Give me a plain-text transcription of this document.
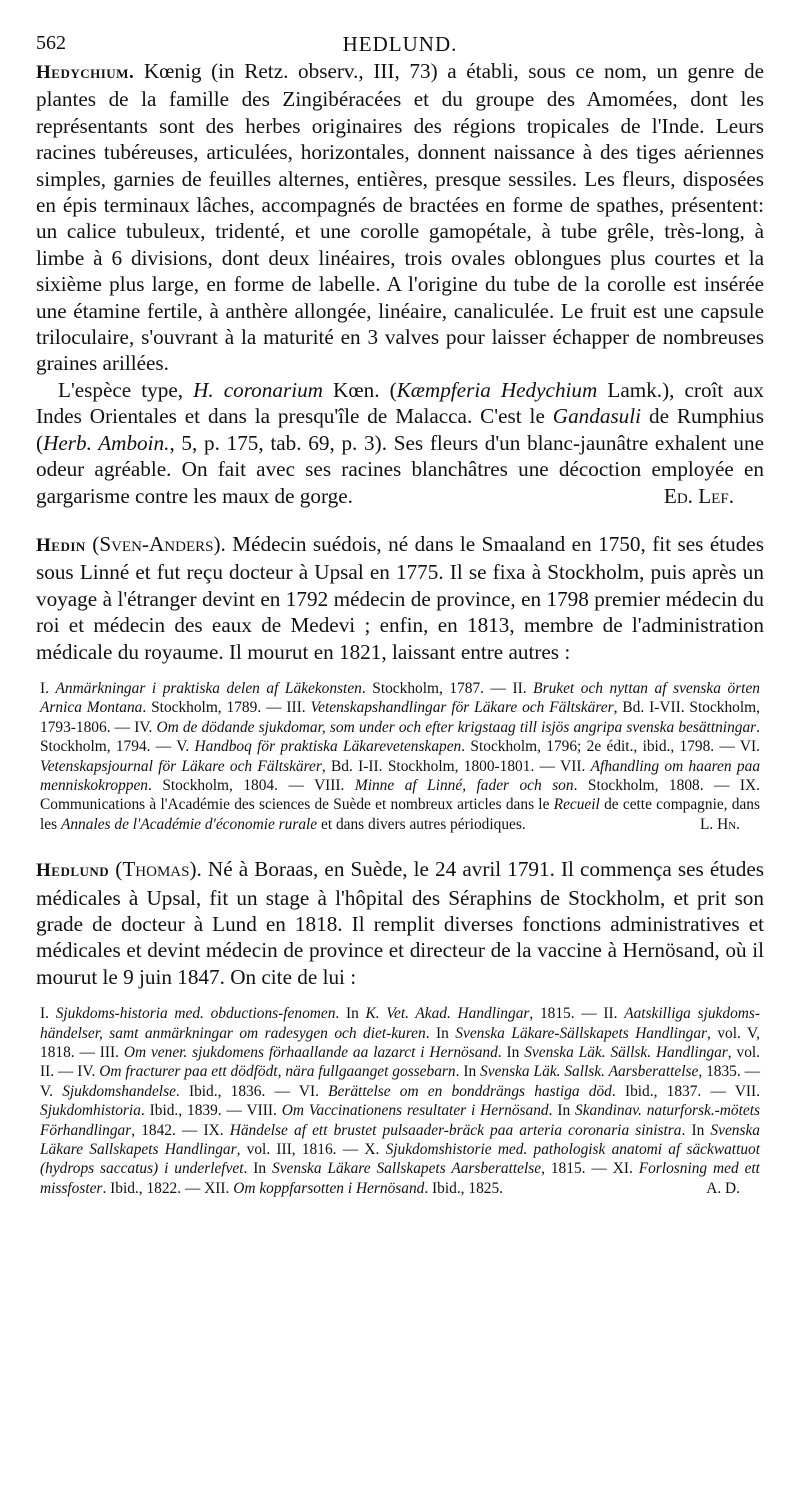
562	HEDLUND.

Hedychium. Kœnig (in Retz. observ., III, 73) a établi, sous ce nom, un genre de plantes de la famille des Zingibéracées et du groupe des Amomées, dont les représentants sont des herbes originaires des régions tropicales de l'Inde. Leurs racines tubéreuses, articulées, horizontales, donnent naissance à des tiges aériennes simples, garnies de feuilles alternes, entières, presque sessiles. Les fleurs, disposées en épis terminaux lâches, accompagnés de bractées en forme de spathes, présentent: un calice tubuleux, tridenté, et une corolle gamopétale, à tube grêle, très-long, à limbe à 6 divisions, dont deux linéaires, trois ovales oblongues plus courtes et la sixième plus large, en forme de labelle. A l'origine du tube de la corolle est insérée une étamine fertile, à anthère allongée, linéaire, canaliculée. Le fruit est une capsule triloculaire, s'ouvrant à la maturité en 3 valves pour laisser échapper de nombreuses graines arillées.

L'espèce type, H. coronarium Kœn. (Kæmpferia Hedychium Lamk.), croît aux Indes Orientales et dans la presqu'île de Malacca. C'est le Gandasuli de Rumphius (Herb. Amboin., 5, p. 175, tab. 69, p. 3). Ses fleurs d'un blanc-jaunâtre exhalent une odeur agréable. On fait avec ses racines blanchâtres une décoction employée en gargarisme contre les maux de gorge.	Ed. Lef.

Hedin (Sven-Anders). Médecin suédois, né dans le Smaaland en 1750, fit ses études sous Linné et fut reçu docteur à Upsal en 1775. Il se fixa à Stockholm, puis après un voyage à l'étranger devint en 1792 médecin de province, en 1798 premier médecin du roi et médecin des eaux de Medevi ; enfin, en 1813, membre de l'administration médicale du royaume. Il mourut en 1821, laissant entre autres :

I. Anmärkningar i praktiska delen af Läkekonsten. Stockholm, 1787. — II. Bruket och nyttan af svenska örten Arnica Montana. Stockholm, 1789. — III. Vetenskapshandlingar för Läkare och Fältskärer, Bd. I-VII. Stockholm, 1793-1806. — IV. Om de dödande sjukdomar, som under och efter krigstaag till isjös angripa svenska besättningar. Stockholm, 1794. — V. Handboq för praktiska Läkarevetenskapen. Stockholm, 1796; 2e édit., ibid., 1798. — VI. Vetenskapsjournal för Läkare och Fältskärer, Bd. I-II. Stockholm, 1800-1801. — VII. Afhandling om haaren paa menniskokroppen. Stockholm, 1804. — VIII. Minne af Linné, fader och son. Stockholm, 1808. — IX. Communications à l'Académie des sciences de Suède et nombreux articles dans le Recueil de cette compagnie, dans les Annales de l'Académie d'économie rurale et dans divers autres périodiques.	L. Hn.

Hedlund (Thomas). Né à Boraas, en Suède, le 24 avril 1791. Il commença ses études médicales à Upsal, fit un stage à l'hôpital des Séraphins de Stockholm, et prit son grade de docteur à Lund en 1818. Il remplit diverses fonctions administratives et médicales et devint médecin de province et directeur de la vaccine à Hernösand, où il mourut le 9 juin 1847. On cite de lui :

I. Sjukdoms-historia med. obductions-fenomen. In K. Vet. Akad. Handlingar, 1815. — II. Aatskilliga sjukdoms-händelser, samt anmärkningar om radesygen och diet-kuren. In Svenska Läkare-Sällskapets Handlingar, vol. V, 1818. — III. Om vener. sjukdomens förhaallande aa lazarct i Hernösand. In Svenska Läk. Sällsk. Handlingar, vol. II. — IV. Om fracturer paa ett dödfödt, nära fullgaanget gossebarn. In Svenska Läk. Sallsk. Aarsberattelse, 1835. — V. Sjukdomshandelse. Ibid., 1836. — VI. Berättelse om en bonddrängs hastiga död. Ibid., 1837. — VII. Sjukdomhistoria. Ibid., 1839. — VIII. Om Vaccinationens resultater i Hernösand. In Skandinav. naturforsk.-mötets Förhandlingar, 1842. — IX. Händelse af ett brustet pulsaader-bräck paa arteria coronaria sinistra. In Svenska Läkare Sallskapets Handlingar, vol. III, 1816. — X. Sjukdomshistorie med. pathologisk anatomi af säckwattuot (hydrops saccatus) i underlefvet. In Svenska Läkare Sallskapets Aarsberattelse, 1815. — XI. Forlosning med ett missfoster. Ibid., 1822. — XII. Om koppfarsotten i Hernösand. Ibid., 1825.	A. D.
